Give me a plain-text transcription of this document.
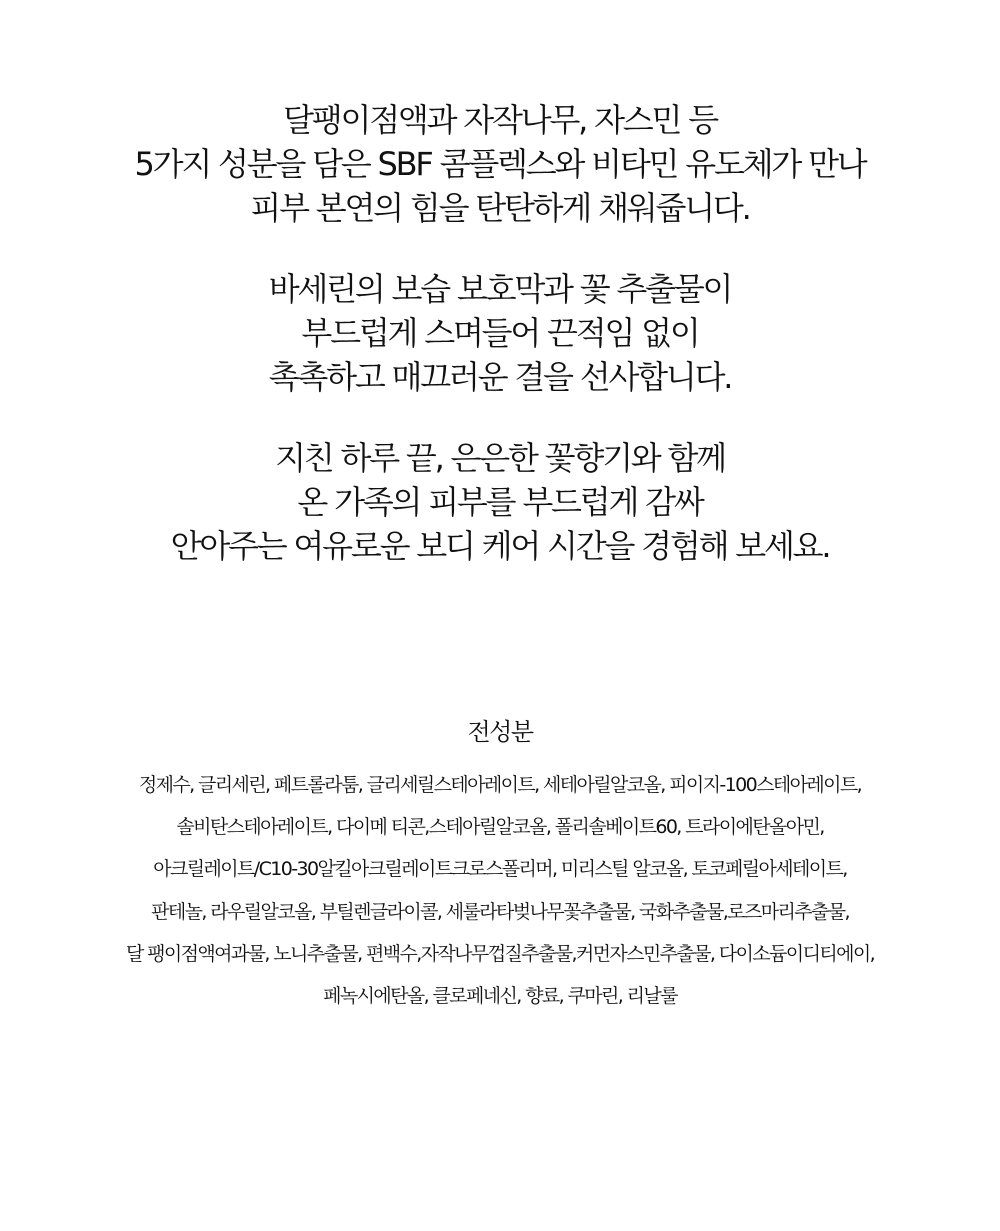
달팽이점액과 자작나무, 자스민 등
5가지 성분을 담은 SBF 콤플렉스와 비타민 유도체가 만나
피부 본연의 힘을 탄탄하게 채워줍니다.

바세린의 보습 보호막과 꽃 추출물이
부드럽게 스며들어 끈적임 없이
촉촉하고 매끄러운 결을 선사합니다.

지친 하루 끝, 은은한 꽃향기와 함께
온 가족의 피부를 부드럽게 감싸
안아주는 여유로운 보디 케어 시간을 경험해 보세요.

전성분
정제수, 글리세린, 페트롤라툼, 글리세릴스테아레이트, 세테아릴알코올, 피이지-100스테아레이트,
솔비탄스테아레이트, 다이메 티콘,스테아릴알코올, 폴리솔베이트60, 트라이에탄올아민,
아크릴레이트/C10-30알킬아크릴레이트크로스폴리머, 미리스틸 알코올, 토코페릴아세테이트,
판테놀, 라우릴알코올, 부틸렌글라이콜, 세룰라타벚나무꽃추출물, 국화추출물,로즈마리추출물,
달 팽이점액여과물, 노니추출물, 편백수,자작나무껍질추출물,커먼자스민추출물, 다이소듐이디티에이,
페녹시에탄올, 클로페네신, 향료, 쿠마린, 리날룰
